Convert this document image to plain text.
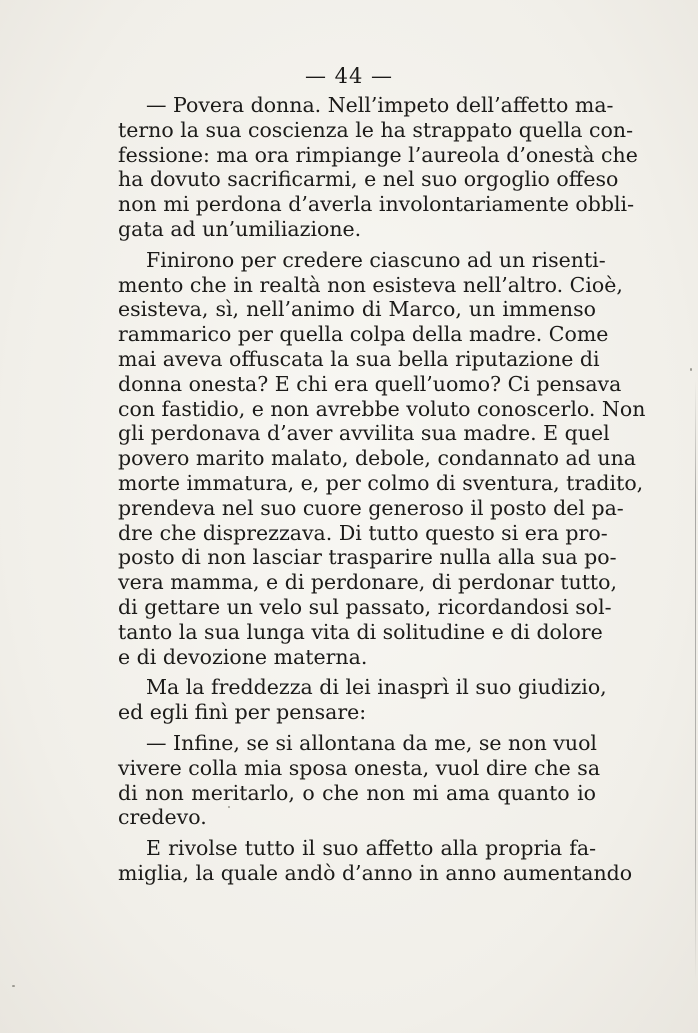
— 44 —
— Povera donna. Nell’impeto dell’affetto ma-
terno la sua coscienza le ha strappato quella con-
fessione: ma ora rimpiange l’aureola d’onestà che
ha dovuto sacrificarmi, e nel suo orgoglio offeso
non mi perdona d’averla involontariamente obbli-
gata ad un’umiliazione.
Finirono per credere ciascuno ad un risenti-
mento che in realtà non esisteva nell’altro. Cioè,
esisteva, sì, nell’animo di Marco, un immenso
rammarico per quella colpa della madre. Come
mai aveva offuscata la sua bella riputazione di
donna onesta? E chi era quell’uomo? Ci pensava
con fastidio, e non avrebbe voluto conoscerlo. Non
gli perdonava d’aver avvilita sua madre. E quel
povero marito malato, debole, condannato ad una
morte immatura, e, per colmo di sventura, tradito,
prendeva nel suo cuore generoso il posto del pa-
dre che disprezzava. Di tutto questo si era pro-
posto di non lasciar trasparire nulla alla sua po-
vera mamma, e di perdonare, di perdonar tutto,
di gettare un velo sul passato, ricordandosi sol-
tanto la sua lunga vita di solitudine e di dolore
e di devozione materna.
Ma la freddezza di lei inasprì il suo giudizio,
ed egli finì per pensare:
— Infine, se si allontana da me, se non vuol
vivere colla mia sposa onesta, vuol dire che sa
di non meritarlo, o che non mi ama quanto io
credevo.
E rivolse tutto il suo affetto alla propria fa-
miglia, la quale andò d’anno in anno aumentando
